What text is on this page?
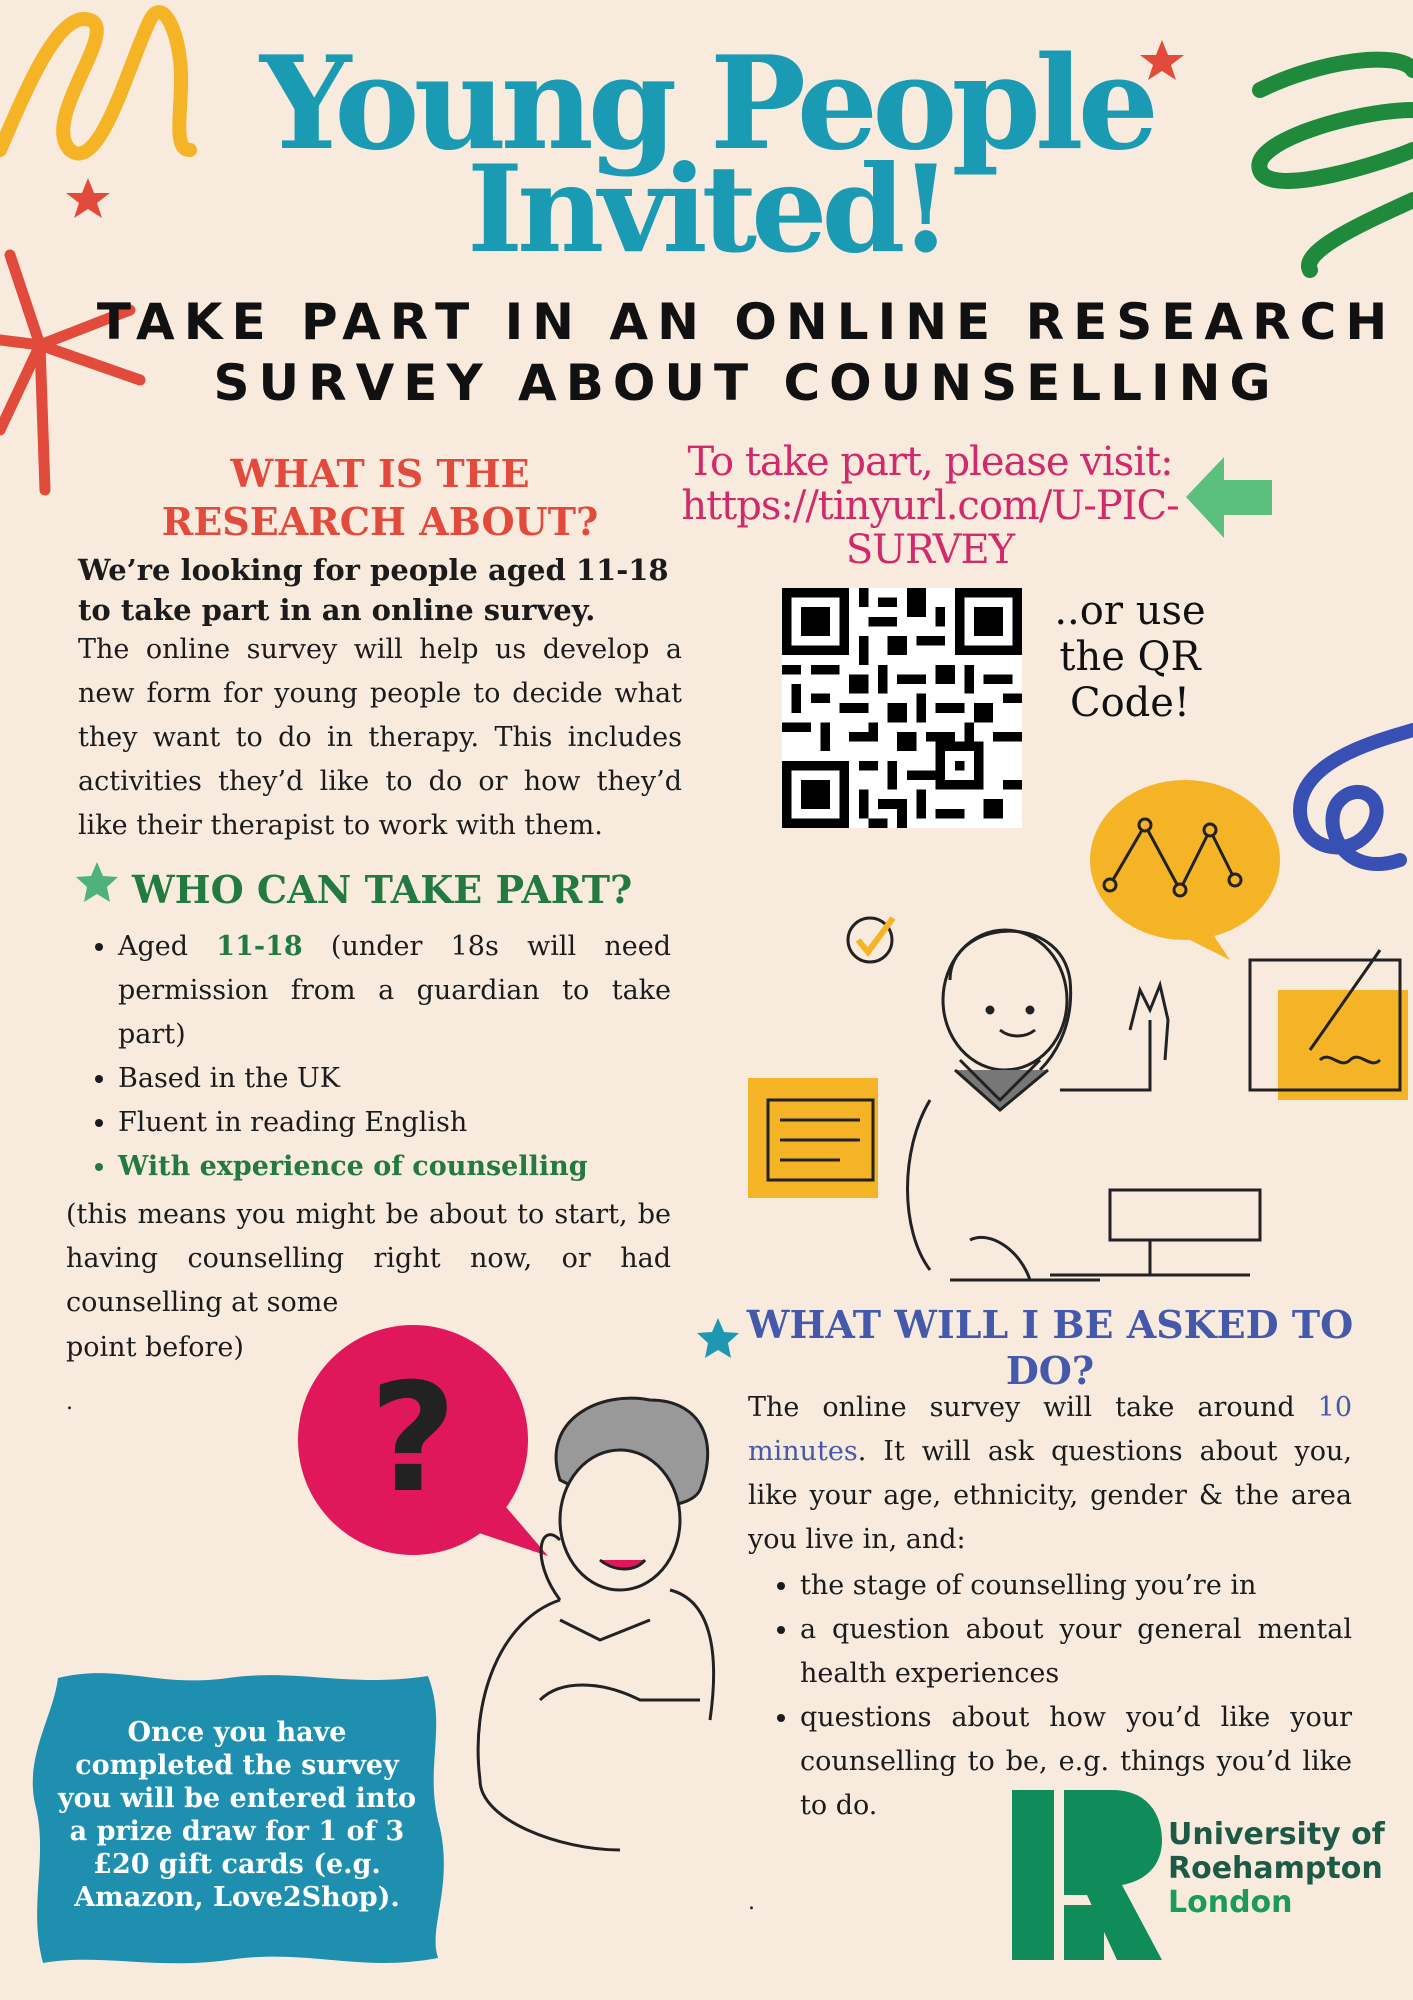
?
Young People
Invited!
TAKE PART IN AN ONLINE RESEARCH
SURVEY ABOUT COUNSELLING
WHAT IS THE
RESEARCH ABOUT?
We’re looking for people aged 11-18 to take part in an online survey.
The online survey will help us develop a new form for young people to decide what they want to do in therapy. This includes activities they’d like to do or how they’d like their therapist to work with them.
To take part, please visit:
https://tinyurl.com/U-PIC-
SURVEY
..or use
the QR
Code!
WHO CAN TAKE PART?
• Aged 11-18 (under 18s will need permission from a guardian to take part)
• Based in the UK
• Fluent in reading English
• With experience of counselling
(this means you might be about to start, be having counselling right now, or had counselling at some
point before)
.
WHAT WILL I BE ASKED TO DO?
The online survey will take around 10 minutes. It will ask questions about you, like your age, ethnicity, gender & the area you live in, and:
• the stage of counselling you’re in
• a question about your general mental health experiences
• questions about how you’d like your counselling to be, e.g. things you’d like to do.
.
Once you have completed the survey you will be entered into a prize draw for 1 of 3 £20 gift cards (e.g. Amazon, Love2Shop).
University of
Roehampton
London
